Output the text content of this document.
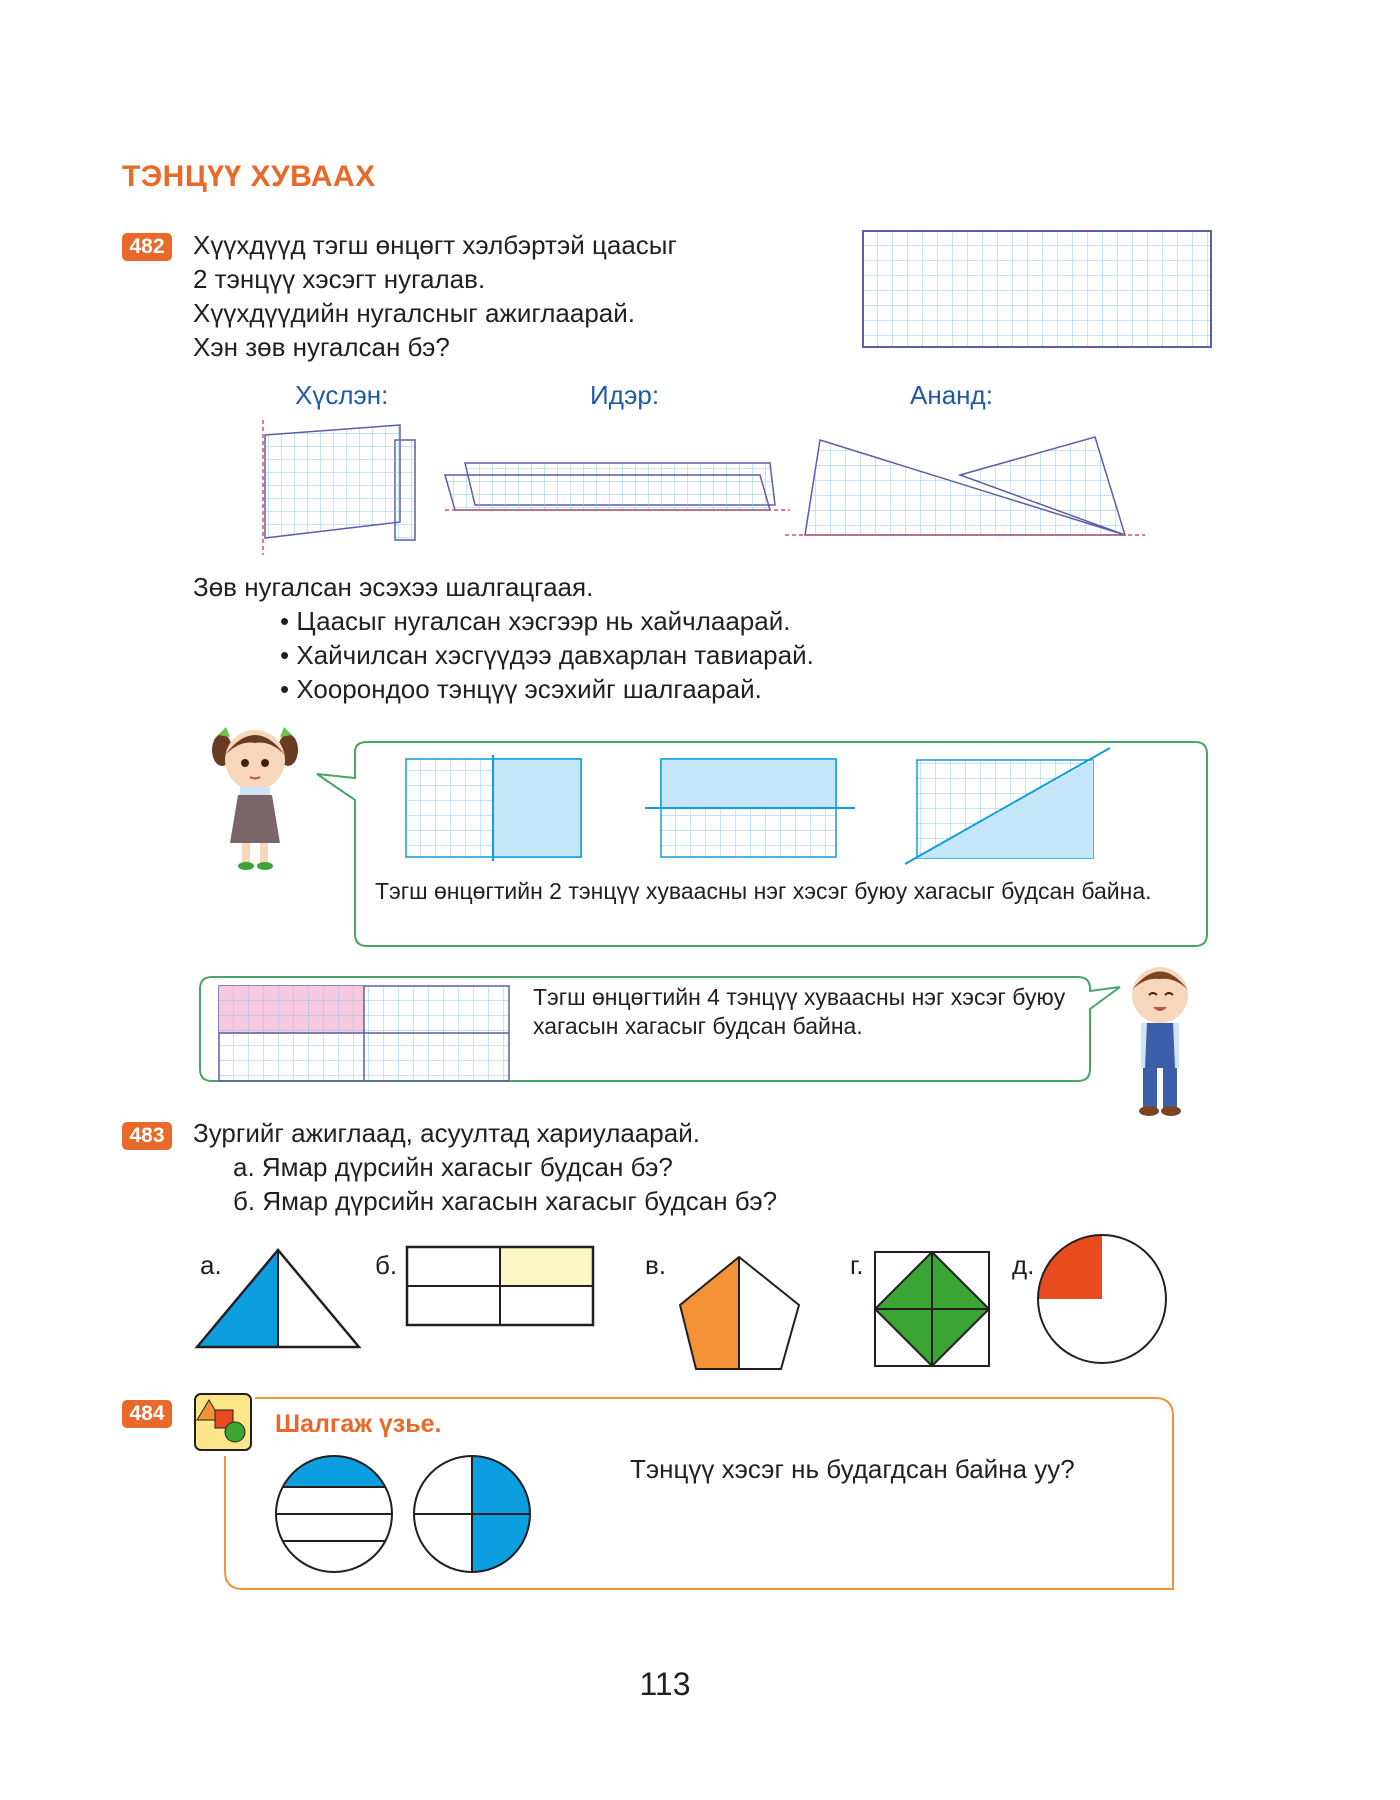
ТЭНЦҮҮ ХУВААХ
482 Хүүхдүүд тэгш өнцөгт хэлбэртэй цаасыг
2 тэнцүү хэсэгт нугалав.
Хүүхдүүдийн нугалсныг ажиглаарай.
Хэн зөв нугалсан бэ?
Хүслэн:	Идэр:	Ананд:
Зөв нугалсан эсэхээ шалгацгаая.
• Цаасыг нугалсан хэсгээр нь хайчлаарай.
• Хайчилсан хэсгүүдээ давхарлан тавиарай.
• Хоорондоо тэнцүү эсэхийг шалгаарай.
Тэгш өнцөгтийн 2 тэнцүү хуваасны нэг хэсэг буюу хагасыг будсан байна.
Тэгш өнцөгтийн 4 тэнцүү хуваасны нэг хэсэг буюу хагасын хагасыг будсан байна.
483 Зургийг ажиглаад, асуултад хариулаарай.
а. Ямар дүрсийн хагасыг будсан бэ?
б. Ямар дүрсийн хагасын хагасыг будсан бэ?
а.	б.	в.	г.	д.
484	Шалгаж үзье.
Тэнцүү хэсэг нь будагдсан байна уу?
113
